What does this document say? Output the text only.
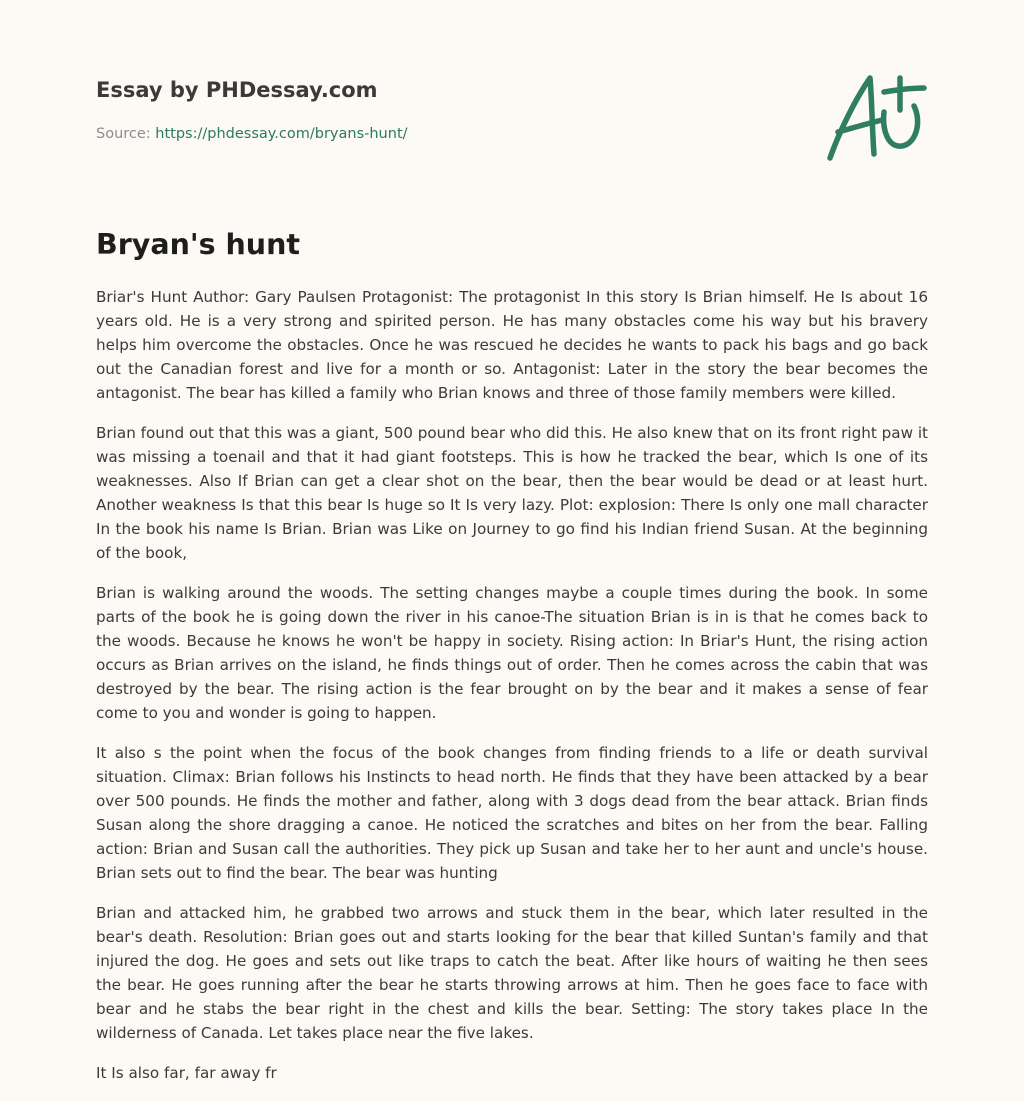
Essay by PHDessay.com
Source: https://phdessay.com/bryans-hunt/
Bryan's hunt

Briar's Hunt Author: Gary Paulsen Protagonist: The protagonist In this story Is Brian himself. He Is about 16 years old. He is a very strong and spirited person. He has many obstacles come his way but his bravery helps him overcome the obstacles. Once he was rescued he decides he wants to pack his bags and go back out the Canadian forest and live for a month or so. Antagonist: Later in the story the bear becomes the antagonist. The bear has killed a family who Brian knows and three of those family members were killed.

Brian found out that this was a giant, 500 pound bear who did this. He also knew that on its front right paw it was missing a toenail and that it had giant footsteps. This is how he tracked the bear, which Is one of its weaknesses. Also If Brian can get a clear shot on the bear, then the bear would be dead or at least hurt. Another weakness Is that this bear Is huge so It Is very lazy. Plot: explosion: There Is only one mall character In the book his name Is Brian. Brian was Like on Journey to go find his Indian friend Susan. At the beginning of the book,

Brian is walking around the woods. The setting changes maybe a couple times during the book. In some parts of the book he is going down the river in his canoe-The situation Brian is in is that he comes back to the woods. Because he knows he won't be happy in society. Rising action: In Briar's Hunt, the rising action occurs as Brian arrives on the island, he finds things out of order. Then he comes across the cabin that was destroyed by the bear. The rising action is the fear brought on by the bear and it makes a sense of fear come to you and wonder is going to happen.

It also s the point when the focus of the book changes from finding friends to a life or death survival situation. Climax: Brian follows his Instincts to head north. He finds that they have been attacked by a bear over 500 pounds. He finds the mother and father, along with 3 dogs dead from the bear attack. Brian finds Susan along the shore dragging a canoe. He noticed the scratches and bites on her from the bear. Falling action: Brian and Susan call the authorities. They pick up Susan and take her to her aunt and uncle's house. Brian sets out to find the bear. The bear was hunting

Brian and attacked him, he grabbed two arrows and stuck them in the bear, which later resulted in the bear's death. Resolution: Brian goes out and starts looking for the bear that killed Suntan's family and that injured the dog. He goes and sets out like traps to catch the beat. After like hours of waiting he then sees the bear. He goes running after the bear he starts throwing arrows at him. Then he goes face to face with bear and he stabs the bear right in the chest and kills the bear. Setting: The story takes place In the wilderness of Canada. Let takes place near the five lakes.

It Is also far, far away fr
